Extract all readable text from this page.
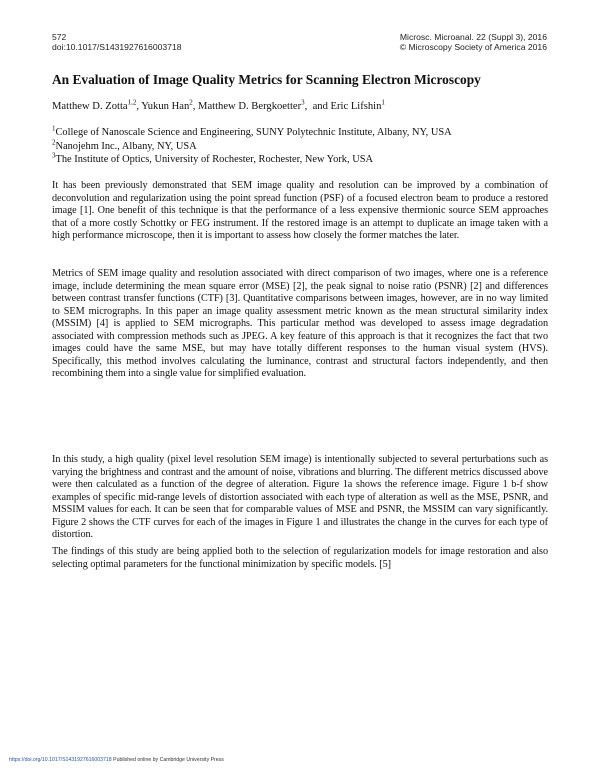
572
doi:10.1017/S1431927616003718
Microsc. Microanal. 22 (Suppl 3), 2016
© Microscopy Society of America 2016
An Evaluation of Image Quality Metrics for Scanning Electron Microscopy
Matthew D. Zotta$^{1,2}$, Yukun Han$^2$, Matthew D. Bergkoetter$^3$,  and Eric Lifshin$^1$
$^1$College of Nanoscale Science and Engineering, SUNY Polytechnic Institute, Albany, NY, USA
$^2$Nanojehm Inc., Albany, NY, USA
$^3$The Institute of Optics, University of Rochester, Rochester, New York, USA

It has been previously demonstrated that SEM image quality and resolution can be improved by a combination of deconvolution and regularization using the point spread function (PSF) of a focused electron beam to produce a restored image [1]. One benefit of this technique is that the performance of a less expensive thermionic source SEM approaches that of a more costly Schottky or FEG instrument. If the restored image is an attempt to duplicate an image taken with a high performance microscope, then it is important to assess how closely the former matches the later.

Metrics of SEM image quality and resolution associated with direct comparison of two images, where one is a reference image, include determining the mean square error (MSE) [2], the peak signal to noise ratio (PSNR) [2] and differences between contrast transfer functions (CTF) [3]. Quantitative comparisons between images, however, are in no way limited to SEM micrographs. In this paper an image quality assessment metric known as the mean structural similarity index (MSSIM) [4] is applied to SEM micrographs. This particular method was developed to assess image degradation associated with compression methods such as JPEG. A key feature of this approach is that it recognizes the fact that two images could have the same MSE, but may have totally different responses to the human visual system (HVS). Specifically, this method involves calculating the luminance, contrast and structural factors independently, and then recombining them into a single value for simplified evaluation.

In this study, a high quality (pixel level resolution SEM image) is intentionally subjected to several perturbations such as varying the brightness and contrast and the amount of noise, vibrations and blurring. The different metrics discussed above were then calculated as a function of the degree of alteration. Figure 1a shows the reference image. Figure 1 b-f show examples of specific mid-range levels of distortion associated with each type of alteration as well as the MSE, PSNR, and MSSIM values for each. It can be seen that for comparable values of MSE and PSNR, the MSSIM can vary significantly. Figure 2 shows the CTF curves for each of the images in Figure 1 and illustrates the change in the curves for each type of distortion.

The findings of this study are being applied both to the selection of regularization models for image restoration and also selecting optimal parameters for the functional minimization by specific models. [5]

https://doi.org/10.1017/S1431927616003718 Published online by Cambridge University Press
